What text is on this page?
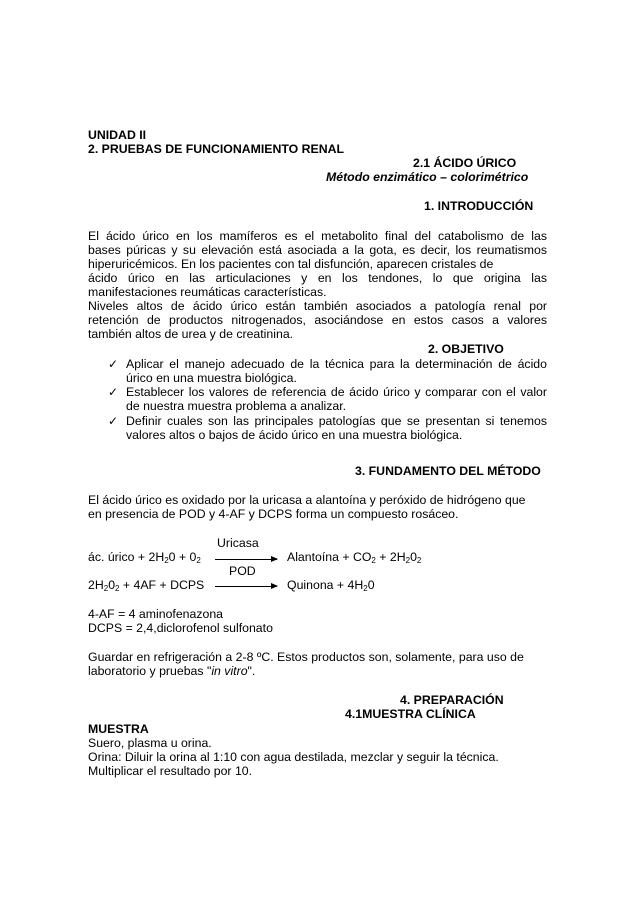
UNIDAD II
2. PRUEBAS DE FUNCIONAMIENTO RENAL
2.1 ÁCIDO ÚRICO
Método enzimático – colorimétrico
1. INTRODUCCIÓN
El ácido úrico en los mamíferos es el metabolito final del catabolismo de las
bases púricas y su elevación está asociada a la gota, es decir, los reumatismos
hiperuricémicos. En los pacientes con tal disfunción, aparecen cristales de
ácido úrico en las articulaciones y en los tendones, lo que origina las
manifestaciones reumáticas características.
Niveles altos de ácido úrico están también asociados a patología renal por
retención de productos nitrogenados, asociándose en estos casos a valores
también altos de urea y de creatinina.
2. OBJETIVO
✓ Aplicar el manejo adecuado de la técnica para la determinación de ácido
úrico en una muestra biológica.
✓ Establecer los valores de referencia de ácido úrico y comparar con el valor
de nuestra muestra problema a analizar.
✓ Definir cuales son las principales patologías que se presentan si tenemos
valores altos o bajos de ácido úrico en una muestra biológica.
3. FUNDAMENTO DEL MÉTODO
El ácido úrico es oxidado por la uricasa a alantoína y peróxido de hidrógeno que
en presencia de POD y 4-AF y DCPS forma un compuesto rosáceo.
Uricasa
ác. úrico + $2H_20 + 0_2$	Alantoína + $CO_2 + 2H_20_2$
POD
$2H_20_2 + 4AF$ + DCPS	Quinona + $4H_20$
4-AF = 4 aminofenazona
DCPS = 2,4,diclorofenol sulfonato
Guardar en refrigeración a 2-8 ºC. Estos productos son, solamente, para uso de
laboratorio y pruebas "in vitro".
4. PREPARACIÓN
4.1MUESTRA CLÍNICA
MUESTRA
Suero, plasma u orina.
Orina: Diluir la orina al 1:10 con agua destilada, mezclar y seguir la técnica.
Multiplicar el resultado por 10.
